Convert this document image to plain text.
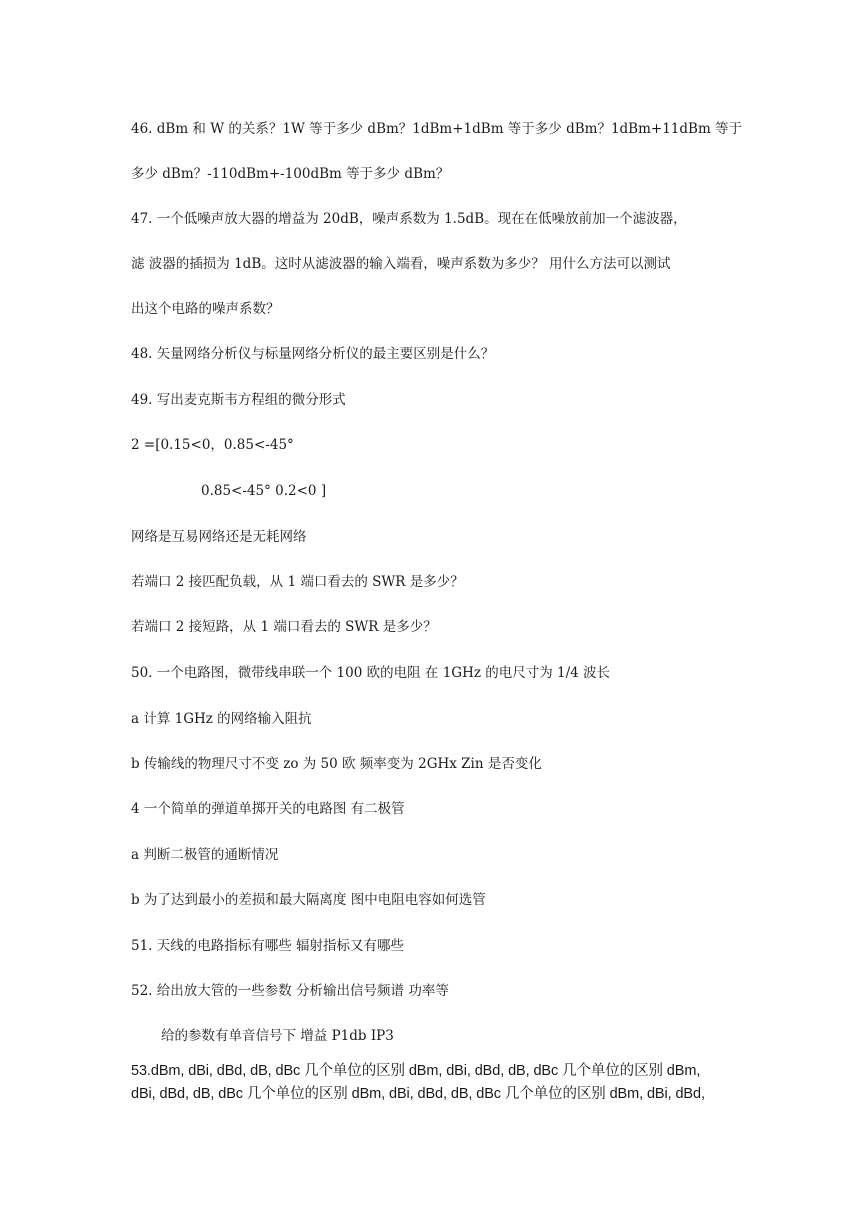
46. dBm 和 W 的关系？1W 等于多少 dBm？1dBm+1dBm 等于多少 dBm？1dBm+11dBm 等于

多少 dBm？-110dBm+-100dBm 等于多少 dBm？

47. 一个低噪声放大器的增益为 20dB，噪声系数为 1.5dB。现在在低噪放前加一个滤波器，

滤 波器的插损为 1dB。这时从滤波器的输入端看，噪声系数为多少？ 用什么方法可以测试

出这个电路的噪声系数？

48. 矢量网络分析仪与标量网络分析仪的最主要区别是什么？

49. 写出麦克斯韦方程组的微分形式

2 =[0.15<0，0.85<-45°

0.85<-45° 0.2<0 ]

网络是互易网络还是无耗网络

若端口 2 接匹配负载，从 1 端口看去的 SWR 是多少？

若端口 2 接短路，从 1 端口看去的 SWR 是多少？

50. 一个电路图，微带线串联一个 100 欧的电阻 在 1GHz 的电尺寸为 1/4 波长

a 计算 1GHz 的网络输入阻抗

b 传输线的物理尺寸不变 zo 为 50 欧 频率变为 2GHx Zin 是否变化

4 一个简单的弹道单掷开关的电路图 有二极管

a 判断二极管的通断情况

b 为了达到最小的差损和最大隔离度 图中电阻电容如何选管

51. 天线的电路指标有哪些 辐射指标又有哪些

52. 给出放大管的一些参数 分析输出信号频谱 功率等

给的参数有单音信号下 增益 P1db IP3

53.dBm, dBi, dBd, dB, dBc 几个单位的区别 dBm, dBi, dBd, dB, dBc 几个单位的区别 dBm,

dBi, dBd, dB, dBc 几个单位的区别 dBm, dBi, dBd, dB, dBc 几个单位的区别 dBm, dBi, dBd,
